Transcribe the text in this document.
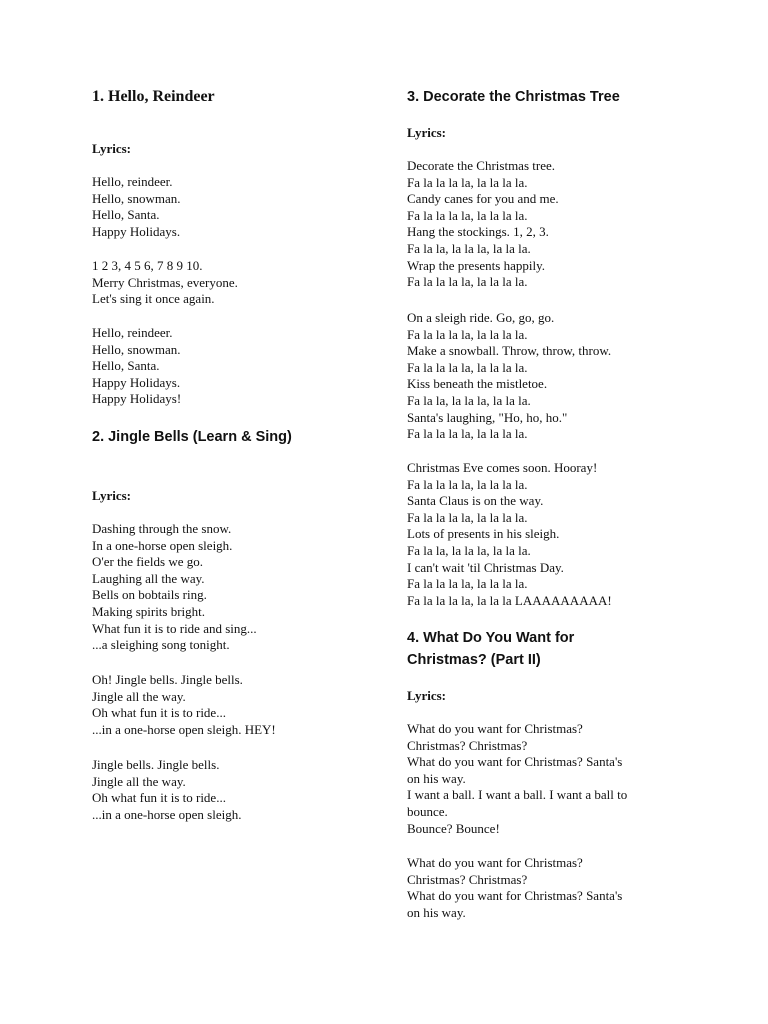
1. Hello, Reindeer
Lyrics:
Hello, reindeer.
Hello, snowman.
Hello, Santa.
Happy Holidays.
1 2 3, 4 5 6, 7 8 9 10.
Merry Christmas, everyone.
Let's sing it once again.
Hello, reindeer.
Hello, snowman.
Hello, Santa.
Happy Holidays.
Happy Holidays!
2. Jingle Bells (Learn & Sing)
Lyrics:
Dashing through the snow.
In a one-horse open sleigh.
O'er the fields we go.
Laughing all the way.
Bells on bobtails ring.
Making spirits bright.
What fun it is to ride and sing...
...a sleighing song tonight.
Oh! Jingle bells. Jingle bells.
Jingle all the way.
Oh what fun it is to ride...
...in a one-horse open sleigh. HEY!
Jingle bells. Jingle bells.
Jingle all the way.
Oh what fun it is to ride...
...in a one-horse open sleigh.
3. Decorate the Christmas Tree
Lyrics:
Decorate the Christmas tree.
Fa la la la la, la la la la.
Candy canes for you and me.
Fa la la la la, la la la la.
Hang the stockings. 1, 2, 3.
Fa la la, la la la, la la la.
Wrap the presents happily.
Fa la la la la, la la la la.
On a sleigh ride. Go, go, go.
Fa la la la la, la la la la.
Make a snowball. Throw, throw, throw.
Fa la la la la, la la la la.
Kiss beneath the mistletoe.
Fa la la, la la la, la la la.
Santa's laughing, "Ho, ho, ho."
Fa la la la la, la la la la.
Christmas Eve comes soon. Hooray!
Fa la la la la, la la la la.
Santa Claus is on the way.
Fa la la la la, la la la la.
Lots of presents in his sleigh.
Fa la la, la la la, la la la.
I can't wait 'til Christmas Day.
Fa la la la la, la la la la.
Fa la la la la, la la la LAAAAAAAAA!
4. What Do You Want for
Christmas? (Part II)
Lyrics:
What do you want for Christmas?
Christmas? Christmas?
What do you want for Christmas? Santa's
on his way.
I want a ball. I want a ball. I want a ball to
bounce.
Bounce? Bounce!
What do you want for Christmas?
Christmas? Christmas?
What do you want for Christmas? Santa's
on his way.
